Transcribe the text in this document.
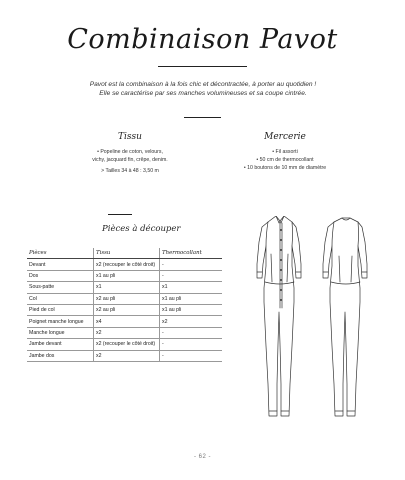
Combinaison Pavot

Pavot est la combinaison à la fois chic et décontractée, à porter au quotidien !

Elle se caractérise par ses manches volumineuses et sa coupe cintrée.

Tissu

• Popeline de coton, velours,

vichy, jacquard fin, crêpe, denim.

> Tailles 34 à 48 : 3,50 m

Mercerie

• Fil assorti

• 50 cm de thermocollant

• 10 boutons de 10 mm de diamètre

Pièces à découper
Pièces	Tissu	Thermocollant
Devant	x2 (recouper le côté droit)	-
Dos	x1 au pli	-
Sous-patte	x1	x1
Col	x2 au pli	x1 au pli
Pied de col	x2 au pli	x1 au pli
Poignet manche longue	x4	x2
Manche longue	x2	-
Jambe devant	x2 (recouper le côté droit)	-
Jambe dos	x2	-
- 62 -
